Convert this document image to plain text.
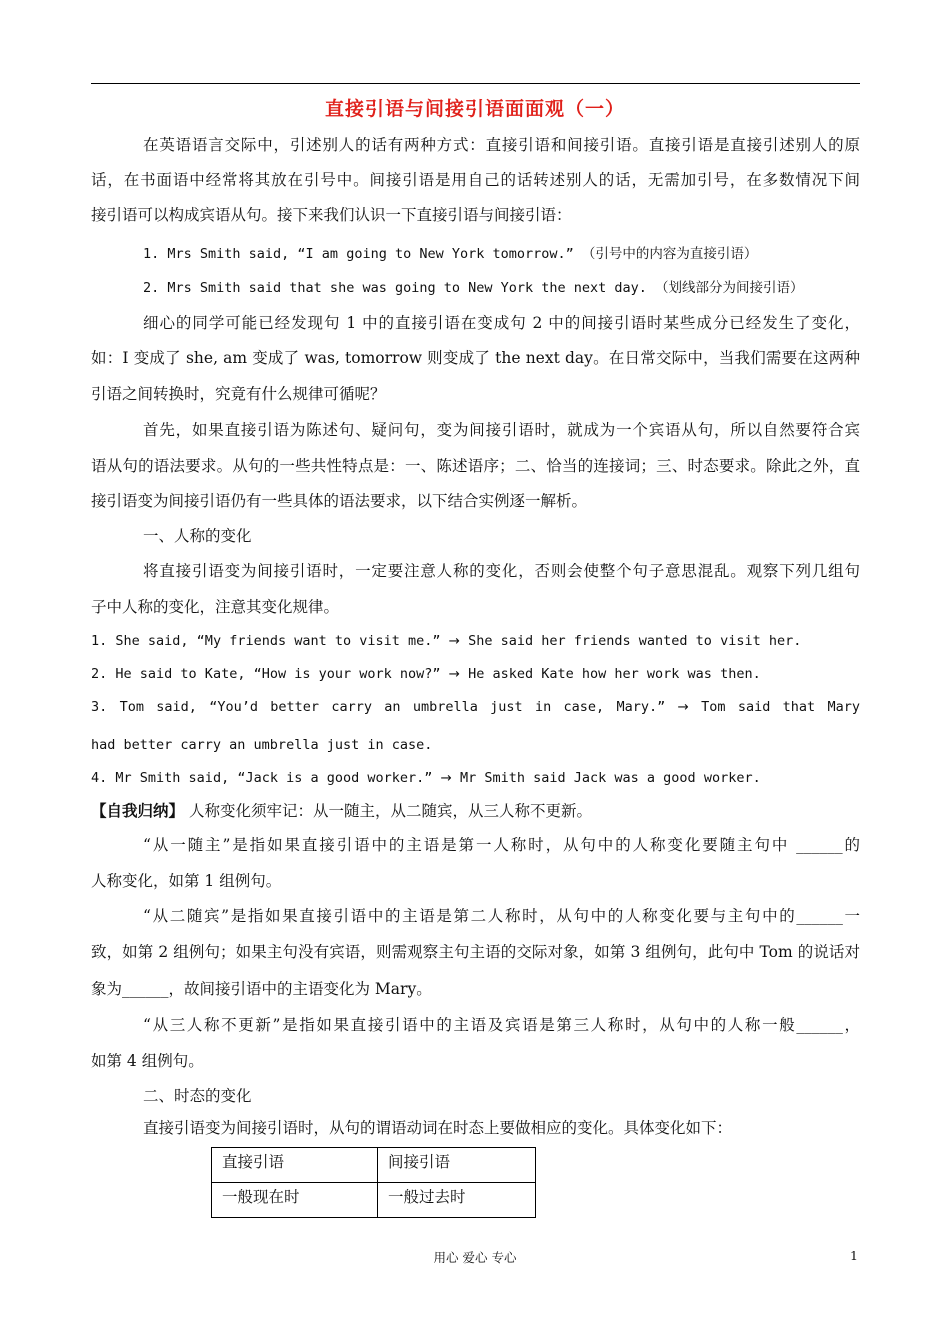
直接引语与间接引语面面观（一）
在英语语言交际中，引述别人的话有两种方式：直接引语和间接引语。直接引语是直接引述别人的原
话，在书面语中经常将其放在引号中。间接引语是用自己的话转述别人的话，无需加引号，在多数情况下间
接引语可以构成宾语从句。接下来我们认识一下直接引语与间接引语：
1. Mrs Smith said, “I am going to New York tomorrow.” （引号中的内容为直接引语）
2. Mrs Smith said that she was going to New York the next day. （划线部分为间接引语）
细心的同学可能已经发现句 1 中的直接引语在变成句 2 中的间接引语时某些成分已经发生了变化，
如：I 变成了 she, am 变成了 was, tomorrow 则变成了 the next day。在日常交际中，当我们需要在这两种
引语之间转换时，究竟有什么规律可循呢？
首先，如果直接引语为陈述句、疑问句，变为间接引语时，就成为一个宾语从句，所以自然要符合宾
语从句的语法要求。从句的一些共性特点是：一、陈述语序；二、恰当的连接词；三、时态要求。除此之外，直
接引语变为间接引语仍有一些具体的语法要求，以下结合实例逐一解析。
一、人称的变化
将直接引语变为间接引语时，一定要注意人称的变化，否则会使整个句子意思混乱。观察下列几组句
子中人称的变化，注意其变化规律。
1. She said, “My friends want to visit me.” → She said her friends wanted to visit her.
2. He said to Kate, “How is your work now?” → He asked Kate how her work was then.
3. Tom said, “You’d better carry an umbrella just in case, Mary.” → Tom said that Mary
had better carry an umbrella just in case.
4. Mr Smith said, “Jack is a good worker.” → Mr Smith said Jack was a good worker.
【自我归纳】 人称变化须牢记：从一随主，从二随宾，从三人称不更新。
“从一随主”是指如果直接引语中的主语是第一人称时，从句中的人称变化要随主句中 ______的
人称变化，如第 1 组例句。
“从二随宾”是指如果直接引语中的主语是第二人称时，从句中的人称变化要与主句中的______一
致，如第 2 组例句；如果主句没有宾语，则需观察主句主语的交际对象，如第 3 组例句，此句中 Tom 的说话对
象为______，故间接引语中的主语变化为 Mary。
“从三人称不更新”是指如果直接引语中的主语及宾语是第三人称时，从句中的人称一般______，
如第 4 组例句。
二、时态的变化
直接引语变为间接引语时，从句的谓语动词在时态上要做相应的变化。具体变化如下：
直接引语	间接引语
一般现在时	一般过去时
用心 爱心 专心	1
